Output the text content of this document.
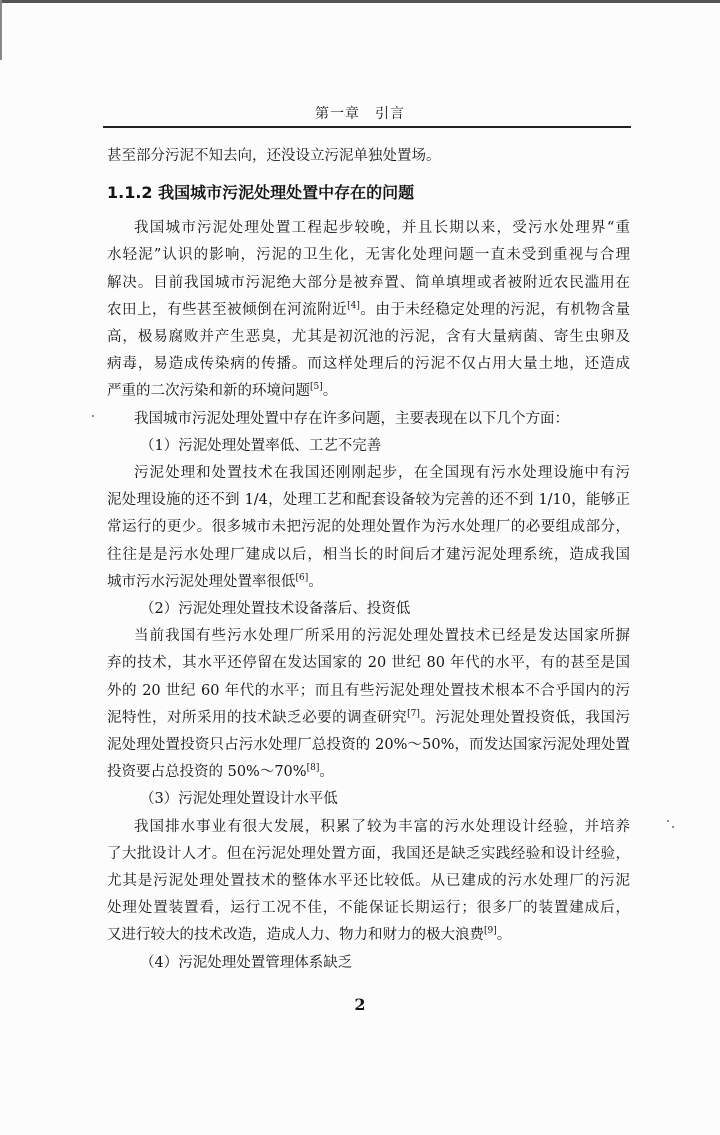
第一章　引言
甚至部分污泥不知去向，还没设立污泥单独处置场。
1.1.2 我国城市污泥处理处置中存在的问题
我国城市污泥处理处置工程起步较晚，并且长期以来，受污水处理界“重
水轻泥”认识的影响，污泥的卫生化，无害化处理问题一直未受到重视与合理
解决。目前我国城市污泥绝大部分是被弃置、简单填埋或者被附近农民滥用在
农田上，有些甚至被倾倒在河流附近[4]。由于未经稳定处理的污泥，有机物含量
高，极易腐败并产生恶臭，尤其是初沉池的污泥，含有大量病菌、寄生虫卵及
病毒，易造成传染病的传播。而这样处理后的污泥不仅占用大量土地，还造成
严重的二次污染和新的环境问题[5]。
我国城市污泥处理处置中存在许多问题，主要表现在以下几个方面：
（1）污泥处理处置率低、工艺不完善
污泥处理和处置技术在我国还刚刚起步，在全国现有污水处理设施中有污
泥处理设施的还不到 1/4，处理工艺和配套设备较为完善的还不到 1/10，能够正
常运行的更少。很多城市未把污泥的处理处置作为污水处理厂的必要组成部分，
往往是是污水处理厂建成以后，相当长的时间后才建污泥处理系统，造成我国
城市污水污泥处理处置率很低[6]。
（2）污泥处理处置技术设备落后、投资低
当前我国有些污水处理厂所采用的污泥处理处置技术已经是发达国家所摒
弃的技术，其水平还停留在发达国家的 20 世纪 80 年代的水平，有的甚至是国
外的 20 世纪 60 年代的水平；而且有些污泥处理处置技术根本不合乎国内的污
泥特性，对所采用的技术缺乏必要的调查研究[7]。污泥处理处置投资低，我国污
泥处理处置投资只占污水处理厂总投资的 20%～50%，而发达国家污泥处理处置
投资要占总投资的 50%～70%[8]。
（3）污泥处理处置设计水平低
我国排水事业有很大发展，积累了较为丰富的污水处理设计经验，并培养
了大批设计人才。但在污泥处理处置方面，我国还是缺乏实践经验和设计经验，
尤其是污泥处理处置技术的整体水平还比较低。从已建成的污水处理厂的污泥
处理处置装置看，运行工况不佳，不能保证长期运行；很多厂的装置建成后，
又进行较大的技术改造，造成人力、物力和财力的极大浪费[9]。
（4）污泥处理处置管理体系缺乏
2
